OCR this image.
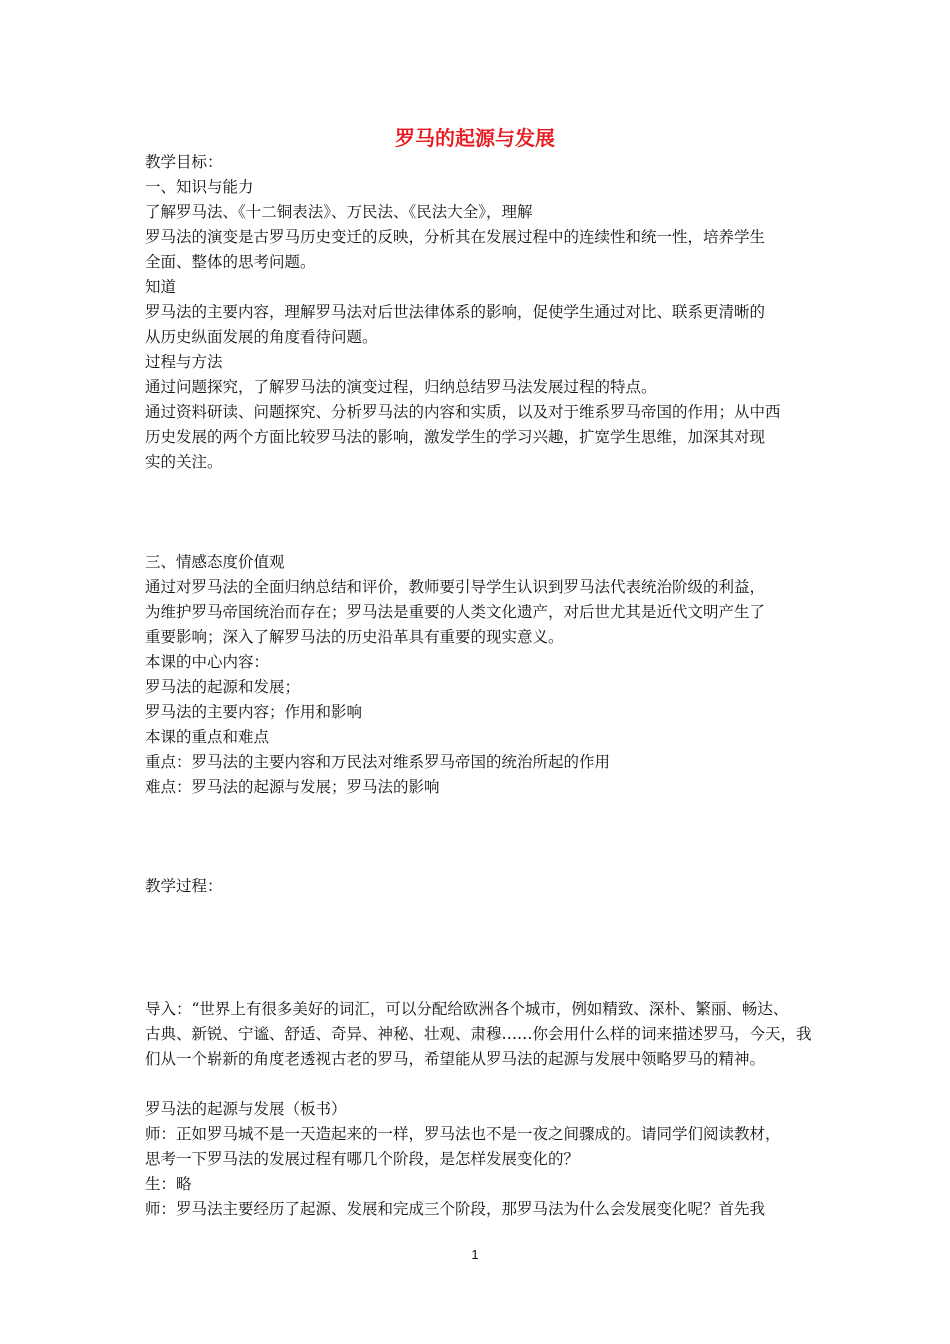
罗马的起源与发展
教学目标：
一、知识与能力
了解罗马法、《十二铜表法》、万民法、《民法大全》，理解
罗马法的演变是古罗马历史变迁的反映，分析其在发展过程中的连续性和统一性，培养学生
全面、整体的思考问题。
知道
罗马法的主要内容，理解罗马法对后世法律体系的影响，促使学生通过对比、联系更清晰的
从历史纵面发展的角度看待问题。
过程与方法
通过问题探究，了解罗马法的演变过程，归纳总结罗马法发展过程的特点。
通过资料研读、问题探究、分析罗马法的内容和实质，以及对于维系罗马帝国的作用；从中西
历史发展的两个方面比较罗马法的影响，激发学生的学习兴趣，扩宽学生思维，加深其对现
实的关注。
三、情感态度价值观
通过对罗马法的全面归纳总结和评价，教师要引导学生认识到罗马法代表统治阶级的利益，
为维护罗马帝国统治而存在；罗马法是重要的人类文化遗产，对后世尤其是近代文明产生了
重要影响；深入了解罗马法的历史沿革具有重要的现实意义。
本课的中心内容：
罗马法的起源和发展；
罗马法的主要内容；作用和影响
本课的重点和难点
重点：罗马法的主要内容和万民法对维系罗马帝国的统治所起的作用
难点：罗马法的起源与发展；罗马法的影响
教学过程：
导入：“世界上有很多美好的词汇，可以分配给欧洲各个城市，例如精致、深朴、繁丽、畅达、
古典、新锐、宁谧、舒适、奇异、神秘、壮观、肃穆……你会用什么样的词来描述罗马，今天，我
们从一个崭新的角度老透视古老的罗马，希望能从罗马法的起源与发展中领略罗马的精神。
罗马法的起源与发展（板书）
师：正如罗马城不是一天造起来的一样，罗马法也不是一夜之间骤成的。请同学们阅读教材，
思考一下罗马法的发展过程有哪几个阶段，是怎样发展变化的？
生：略
师：罗马法主要经历了起源、发展和完成三个阶段，那罗马法为什么会发展变化呢？首先我
1
